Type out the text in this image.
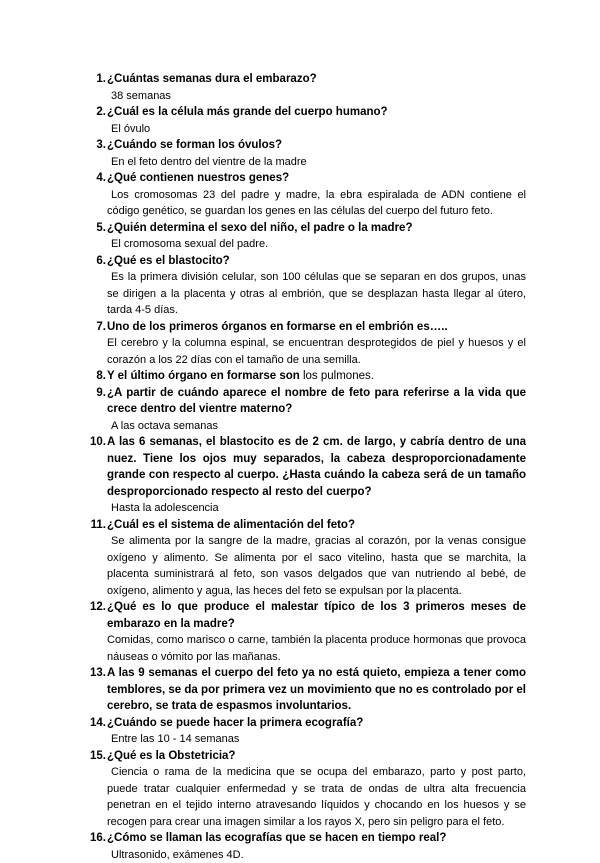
1. ¿Cuántas semanas dura el embarazo?
38 semanas
2. ¿Cuál es la célula más grande del cuerpo humano?
El óvulo
3. ¿Cuándo se forman los óvulos?
En el feto dentro del vientre de la madre
4. ¿Qué contienen nuestros genes?
Los cromosomas 23 del padre y madre, la ebra espiralada de ADN contiene el código genético, se guardan los genes en las células del cuerpo del futuro feto.
5. ¿Quién determina el sexo del niño, el padre o la madre?
El cromosoma sexual del padre.
6. ¿Qué es el blastocito?
Es la primera división celular, son 100 células que se separan en dos grupos, unas se dirigen a la placenta y otras al embrión, que se desplazan hasta llegar al útero, tarda 4-5 días.
7. Uno de los primeros órganos en formarse en el embrión es…..
El cerebro y la columna espinal, se encuentran desprotegidos de piel y huesos y el corazón a los 22 días con el tamaño de una semilla.
8. Y el último órgano en formarse son los pulmones.
9. ¿A partir de cuándo aparece el nombre de feto para referirse a la vida que crece dentro del vientre materno?
A las octava semanas
10. A las 6 semanas, el blastocito es de 2 cm. de largo, y cabría dentro de una nuez. Tiene los ojos muy separados, la cabeza desproporcionadamente grande con respecto al cuerpo. ¿Hasta cuándo la cabeza será de un tamaño desproporcionado respecto al resto del cuerpo?
Hasta la adolescencia
11. ¿Cuál es el sistema de alimentación del feto?
Se alimenta por la sangre de la madre, gracias al corazón, por la venas consigue oxígeno y alimento. Se alimenta por el saco vitelino, hasta que se marchita, la placenta suministrará al feto, son vasos delgados que van nutriendo al bebé, de oxígeno, alimento y agua, las heces del feto se expulsan por la placenta.
12. ¿Qué es lo que produce el malestar típico de los 3 primeros meses de embarazo en la madre?
Comidas, como marisco o carne, también la placenta produce hormonas que provoca náuseas o vómito por las mañanas.
13. A las 9 semanas el cuerpo del feto ya no está quieto, empieza a tener como temblores, se da por primera vez un movimiento que no es controlado por el cerebro, se trata de espasmos involuntarios.
14. ¿Cuándo se puede hacer la primera ecografía?
Entre las 10 - 14 semanas
15. ¿Qué es la Obstetricia?
Ciencia o rama de la medicina que se ocupa del embarazo, parto y post parto, puede tratar cualquier enfermedad y se trata de ondas de ultra alta frecuencia penetran en el tejido interno atravesando líquidos y chocando en los huesos y se recogen para crear una imagen similar a los rayos X, pero sin peligro para el feto.
16. ¿Cómo se llaman las ecografías que se hacen en tiempo real?
Ultrasonido, exámenes 4D.
